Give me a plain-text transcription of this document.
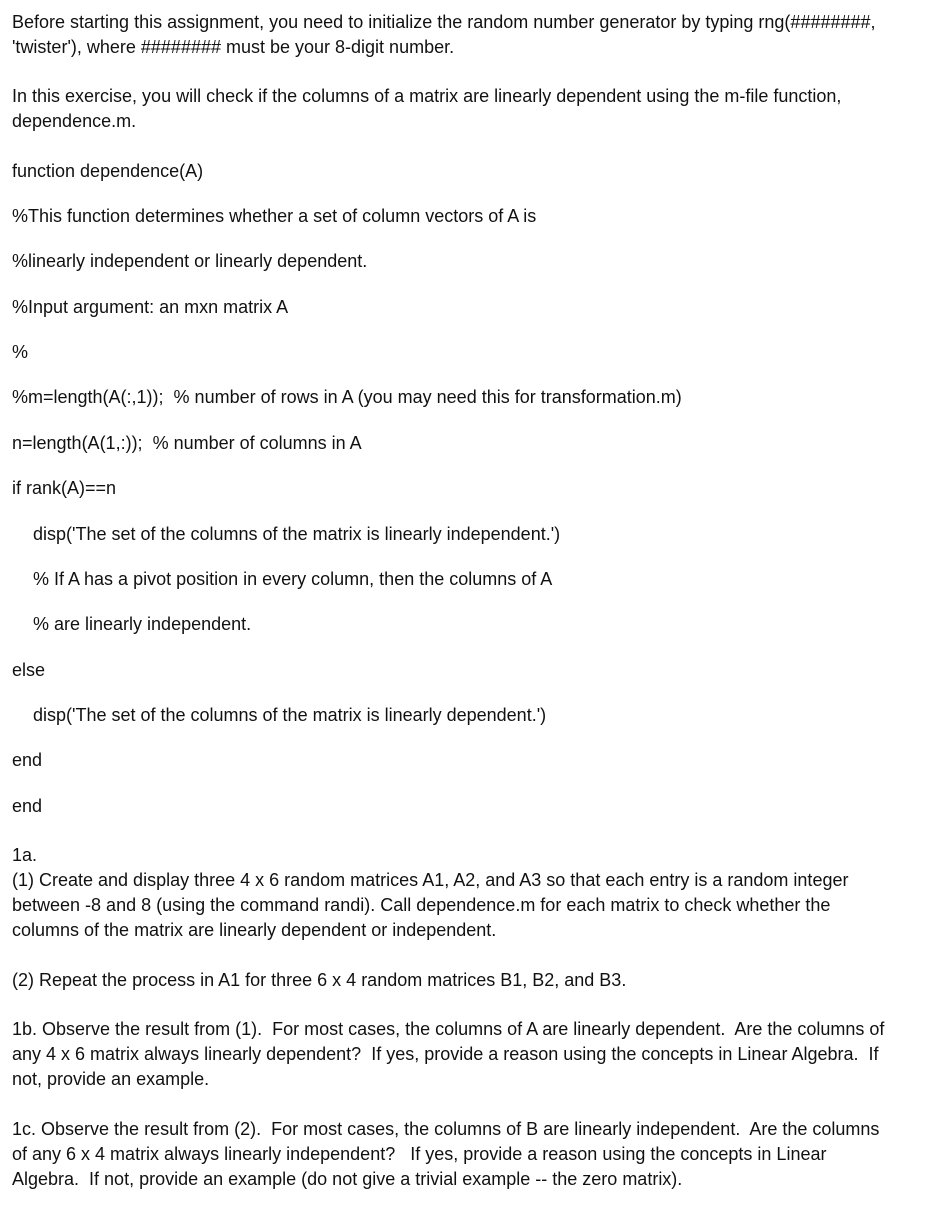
Before starting this assignment, you need to initialize the random number generator by typing rng(########,
'twister'), where ######## must be your 8-digit number.
In this exercise, you will check if the columns of a matrix are linearly dependent using the m-file function,
dependence.m.
function dependence(A)
%This function determines whether a set of column vectors of A is
%linearly independent or linearly dependent.
%Input argument: an mxn matrix A
%
%m=length(A(:,1));  % number of rows in A (you may need this for transformation.m)
n=length(A(1,:));  % number of columns in A
if rank(A)==n
disp('The set of the columns of the matrix is linearly independent.')
% If A has a pivot position in every column, then the columns of A
% are linearly independent.
else
disp('The set of the columns of the matrix is linearly dependent.')
end
end
1a.
(1) Create and display three 4 x 6 random matrices A1, A2, and A3 so that each entry is a random integer
between -8 and 8 (using the command randi). Call dependence.m for each matrix to check whether the
columns of the matrix are linearly dependent or independent.
(2) Repeat the process in A1 for three 6 x 4 random matrices B1, B2, and B3.
1b. Observe the result from (1).  For most cases, the columns of A are linearly dependent.  Are the columns of
any 4 x 6 matrix always linearly dependent?  If yes, provide a reason using the concepts in Linear Algebra.  If
not, provide an example.
1c. Observe the result from (2).  For most cases, the columns of B are linearly independent.  Are the columns
of any 6 x 4 matrix always linearly independent?   If yes, provide a reason using the concepts in Linear
Algebra.  If not, provide an example (do not give a trivial example -- the zero matrix).
